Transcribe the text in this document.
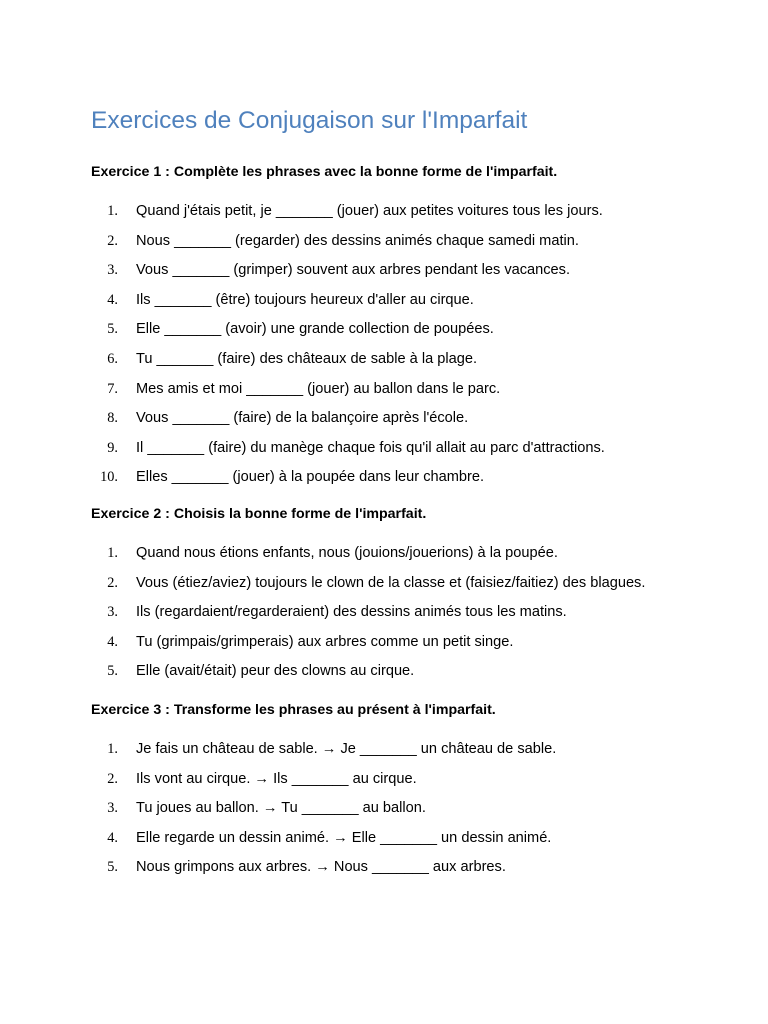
Exercices de Conjugaison sur l'Imparfait
Exercice 1 : Complète les phrases avec la bonne forme de l'imparfait.
1. Quand j'étais petit, je _______ (jouer) aux petites voitures tous les jours.
2. Nous _______ (regarder) des dessins animés chaque samedi matin.
3. Vous _______ (grimper) souvent aux arbres pendant les vacances.
4. Ils _______ (être) toujours heureux d'aller au cirque.
5. Elle _______ (avoir) une grande collection de poupées.
6. Tu _______ (faire) des châteaux de sable à la plage.
7. Mes amis et moi _______ (jouer) au ballon dans le parc.
8. Vous _______ (faire) de la balançoire après l'école.
9. Il _______ (faire) du manège chaque fois qu'il allait au parc d'attractions.
10. Elles _______ (jouer) à la poupée dans leur chambre.
Exercice 2 : Choisis la bonne forme de l'imparfait.
1. Quand nous étions enfants, nous (jouions/jouerions) à la poupée.
2. Vous (étiez/aviez) toujours le clown de la classe et (faisiez/faitiez) des blagues.
3. Ils (regardaient/regarderaient) des dessins animés tous les matins.
4. Tu (grimpais/grimperais) aux arbres comme un petit singe.
5. Elle (avait/était) peur des clowns au cirque.
Exercice 3 : Transforme les phrases au présent à l'imparfait.
1. Je fais un château de sable. → Je _______ un château de sable.
2. Ils vont au cirque. → Ils _______ au cirque.
3. Tu joues au ballon. → Tu _______ au ballon.
4. Elle regarde un dessin animé. → Elle _______ un dessin animé.
5. Nous grimpons aux arbres. → Nous _______ aux arbres.
